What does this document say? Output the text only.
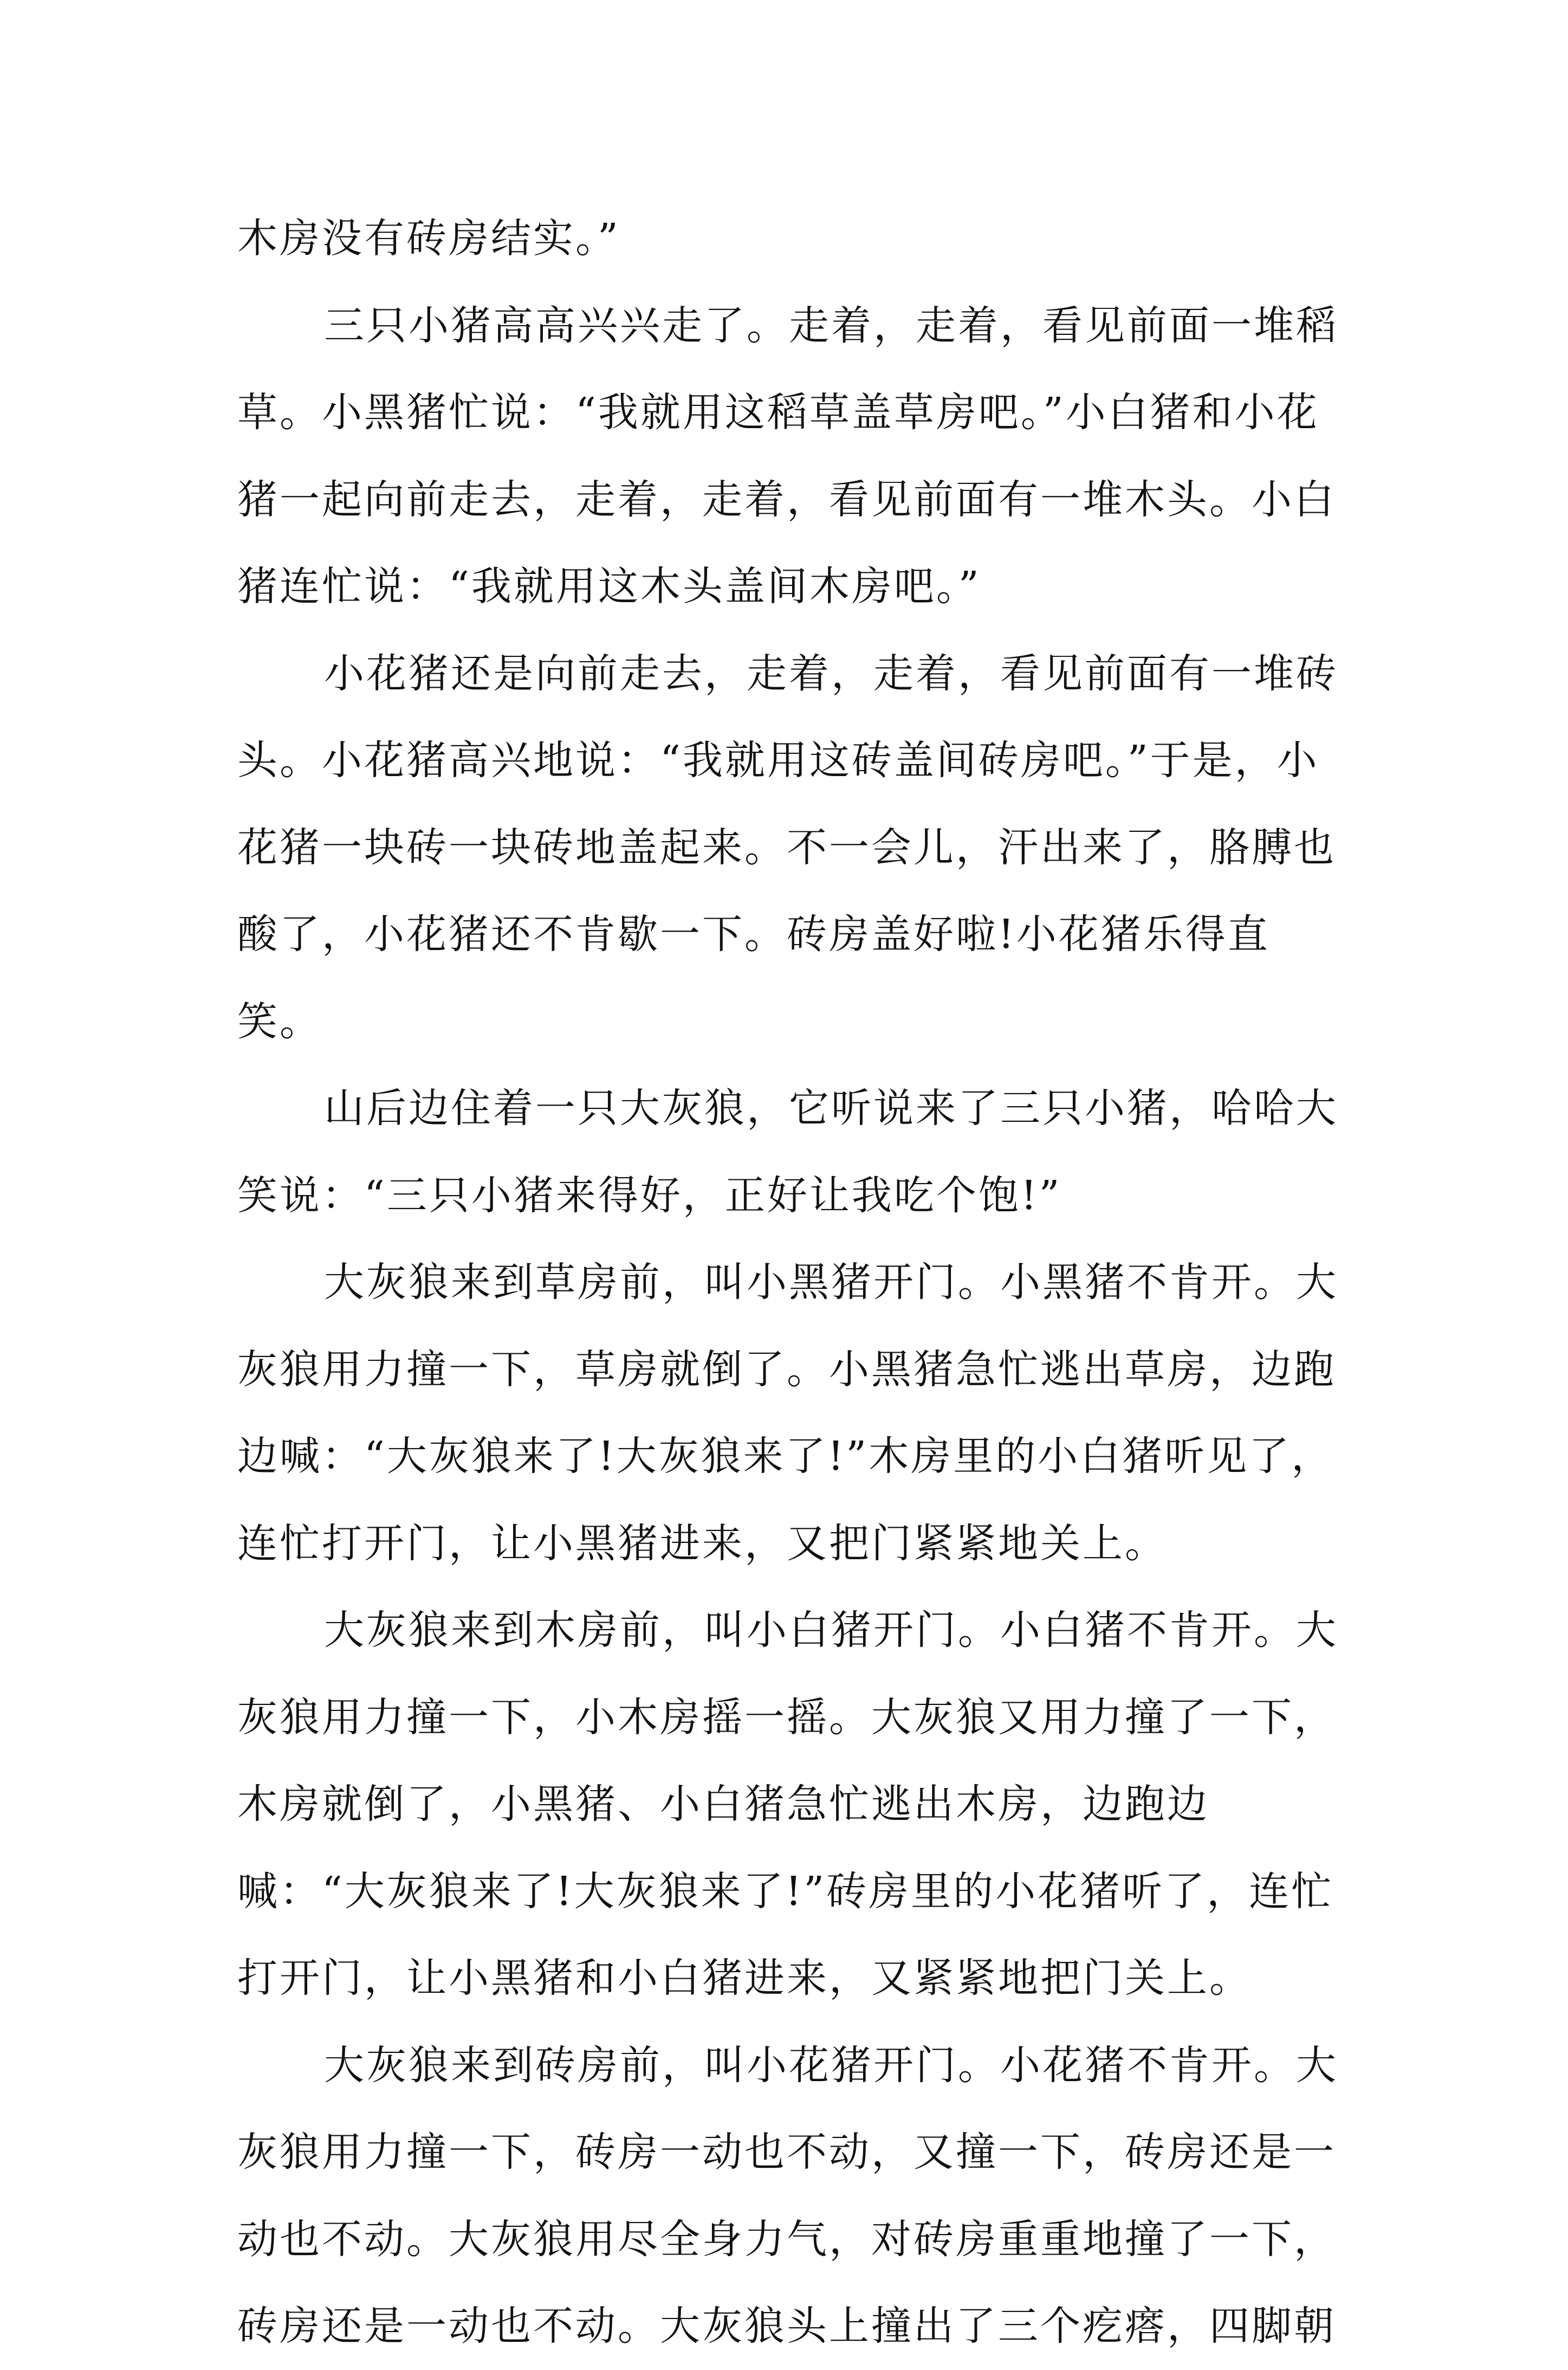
木房没有砖房结实。”

三只小猪高高兴兴走了。走着，走着，看见前面一堆稻草。小黑猪忙说：“我就用这稻草盖草房吧。”小白猪和小花猪一起向前走去，走着，走着，看见前面有一堆木头。小白猪连忙说：“我就用这木头盖间木房吧。”

小花猪还是向前走去，走着，走着，看见前面有一堆砖头。小花猪高兴地说：“我就用这砖盖间砖房吧。”于是，小花猪一块砖一块砖地盖起来。不一会儿，汗出来了，胳膊也酸了，小花猪还不肯歇一下。砖房盖好啦!小花猪乐得直笑。

山后边住着一只大灰狼，它听说来了三只小猪，哈哈大笑说：“三只小猪来得好，正好让我吃个饱!”

大灰狼来到草房前，叫小黑猪开门。小黑猪不肯开。大灰狼用力撞一下，草房就倒了。小黑猪急忙逃出草房，边跑边喊：“大灰狼来了!大灰狼来了!”木房里的小白猪听见了，连忙打开门，让小黑猪进来，又把门紧紧地关上。

大灰狼来到木房前，叫小白猪开门。小白猪不肯开。大灰狼用力撞一下，小木房摇一摇。大灰狼又用力撞了一下，木房就倒了，小黑猪、小白猪急忙逃出木房，边跑边喊：“大灰狼来了!大灰狼来了!”砖房里的小花猪听了，连忙打开门，让小黑猪和小白猪进来，又紧紧地把门关上。

大灰狼来到砖房前，叫小花猪开门。小花猪不肯开。大灰狼用力撞一下，砖房一动也不动，又撞一下，砖房还是一动也不动。大灰狼用尽全身力气，对砖房重重地撞了一下，砖房还是一动也不动。大灰狼头上撞出了三个疙瘩，四脚朝
